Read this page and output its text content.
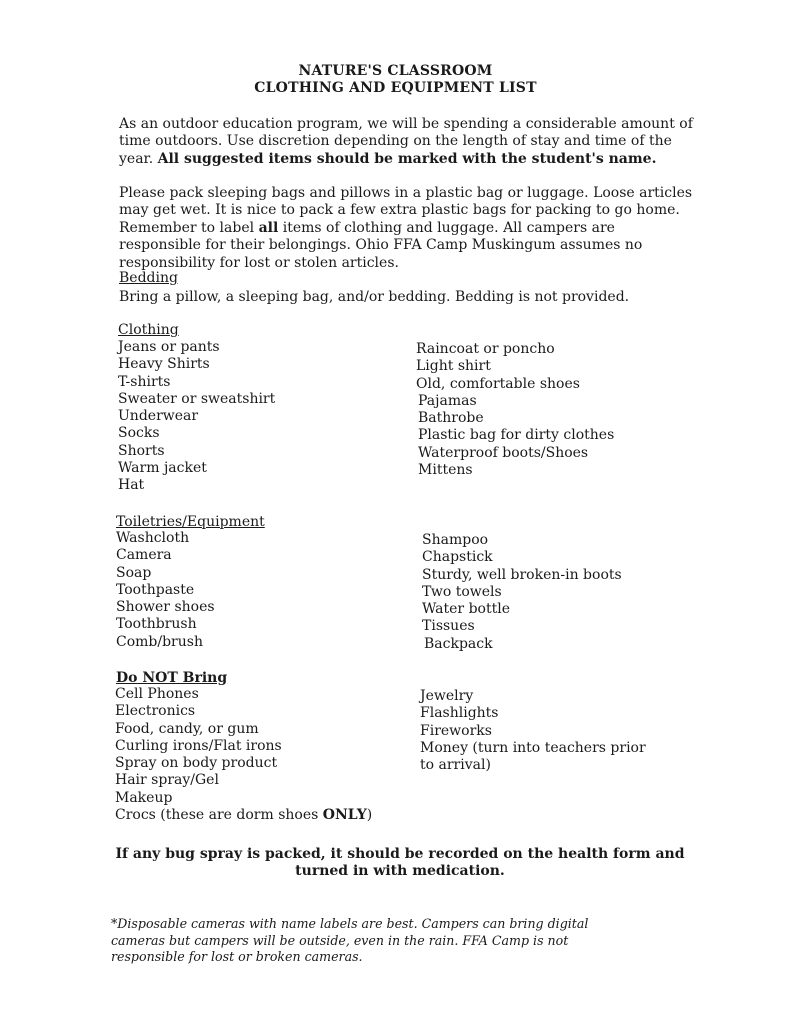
NATURE'S CLASSROOM
CLOTHING AND EQUIPMENT LIST
As an outdoor education program, we will be spending a considerable amount of time outdoors. Use discretion depending on the length of stay and time of the year. All suggested items should be marked with the student's name.
Please pack sleeping bags and pillows in a plastic bag or luggage. Loose articles may get wet. It is nice to pack a few extra plastic bags for packing to go home. Remember to label all items of clothing and luggage. All campers are responsible for their belongings. Ohio FFA Camp Muskingum assumes no responsibility for lost or stolen articles.
Bedding
Bring a pillow, a sleeping bag, and/or bedding. Bedding is not provided.
Clothing
Jeans or pants
Heavy Shirts
T-shirts
Sweater or sweatshirt
Underwear
Socks
Shorts
Warm jacket
Hat
Raincoat or poncho
Light shirt
Old, comfortable shoes
Pajamas
Bathrobe
Plastic bag for dirty clothes
Waterproof boots/Shoes
Mittens
Toiletries/Equipment
Washcloth
Camera
Soap
Toothpaste
Shower shoes
Toothbrush
Comb/brush
Shampoo
Chapstick
Sturdy, well broken-in boots
Two towels
Water bottle
Tissues
Backpack
Do NOT Bring
Cell Phones
Electronics
Food, candy, or gum
Curling irons/Flat irons
Spray on body product
Hair spray/Gel
Makeup
Crocs (these are dorm shoes ONLY)
Jewelry
Flashlights
Fireworks
Money (turn into teachers prior to arrival)
If any bug spray is packed, it should be recorded on the health form and turned in with medication.
*Disposable cameras with name labels are best. Campers can bring digital cameras but campers will be outside, even in the rain. FFA Camp is not responsible for lost or broken cameras.
